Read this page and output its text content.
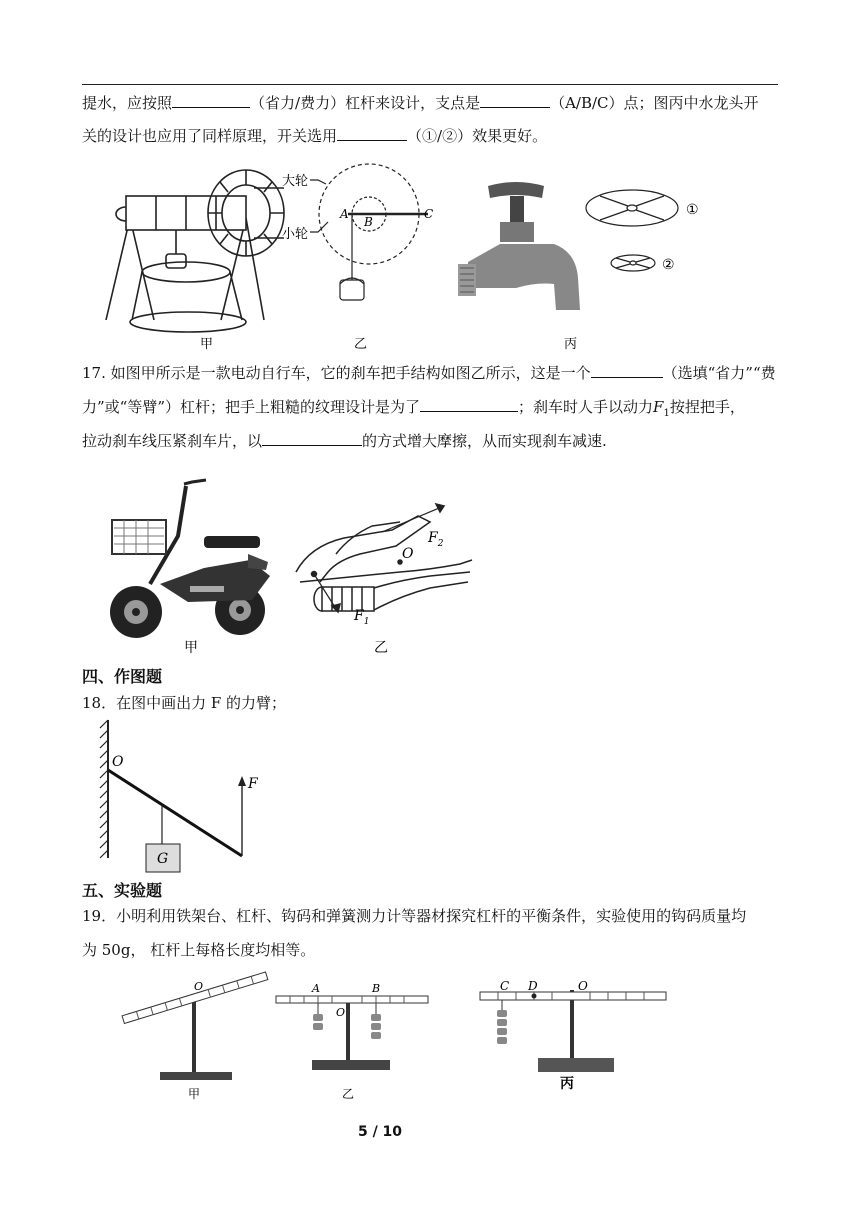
提水，应按照	（省力/费力）杠杆来设计，支点是	（A/B/C）点；图丙中水龙头开
关的设计也应用了同样原理，开关选用	（①/②）效果更好。
大轮
小轮
A
B
C	①
②
甲	乙	丙
17. 如图甲所示是一款电动自行车，它的刹车把手结构如图乙所示，这是一个	（选填“省力”“费
力”或“等臂”）杠杆；把手上粗糙的纹理设计是为了	；刹车时人手以动力$F_1$按捏把手，
拉动刹车线压紧刹车片，以	的方式增大摩擦，从而实现刹车减速.
$F_2$
O
$F_1$
甲	乙
四、作图题
18．在图中画出力 F 的力臂；
O
F
G
五、实验题
19．小明利用铁架台、杠杆、钩码和弹簧测力计等器材探究杠杆的平衡条件，实验使用的钩码质量均
为 50g， 杠杆上每格长度均相等。
O	A
O
B	C D	O
甲	乙
丙
5 / 10
